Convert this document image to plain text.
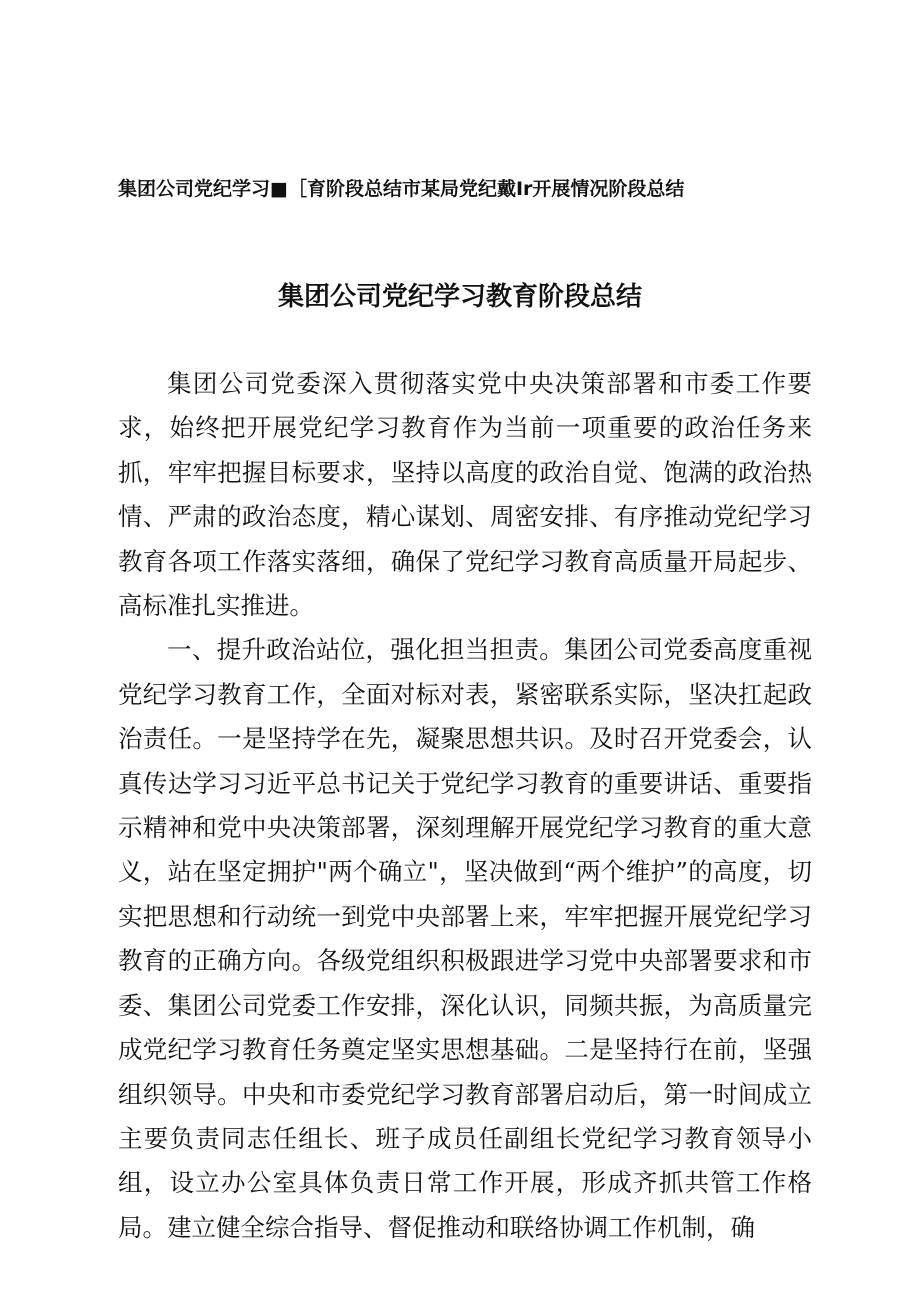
集团公司党纪学习■［育阶段总结市某局党纪戴Ir开展情况阶段总结
集团公司党纪学习教育阶段总结

集团公司党委深入贯彻落实党中央决策部署和市委工作要求，始终把开展党纪学习教育作为当前一项重要的政治任务来抓，牢牢把握目标要求，坚持以高度的政治自觉、饱满的政治热情、严肃的政治态度，精心谋划、周密安排、有序推动党纪学习教育各项工作落实落细，确保了党纪学习教育高质量开局起步、高标准扎实推进。

一、提升政治站位，强化担当担责。集团公司党委高度重视党纪学习教育工作，全面对标对表，紧密联系实际，坚决扛起政治责任。一是坚持学在先，凝聚思想共识。及时召开党委会，认真传达学习习近平总书记关于党纪学习教育的重要讲话、重要指示精神和党中央决策部署，深刻理解开展党纪学习教育的重大意义，站在坚定拥护"两个确立"，坚决做到“两个维护”的高度，切实把思想和行动统一到党中央部署上来，牢牢把握开展党纪学习教育的正确方向。各级党组织积极跟进学习党中央部署要求和市委、集团公司党委工作安排，深化认识，同频共振，为高质量完成党纪学习教育任务奠定坚实思想基础。二是坚持行在前，坚强组织领导。中央和市委党纪学习教育部署启动后，第一时间成立主要负责同志任组长、班子成员任副组长党纪学习教育领导小组，设立办公室具体负责日常工作开展，形成齐抓共管工作格局。建立健全综合指导、督促推动和联络协调工作机制，确
